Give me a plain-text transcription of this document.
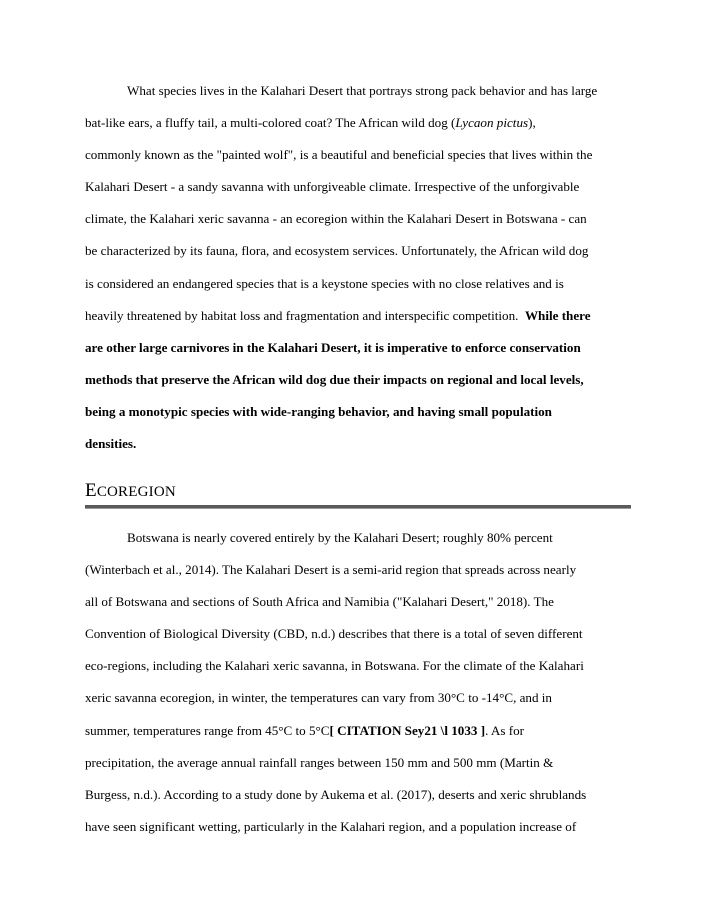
What species lives in the Kalahari Desert that portrays strong pack behavior and has large
bat-like ears, a fluffy tail, a multi-colored coat? The African wild dog (Lycaon pictus),
commonly known as the "painted wolf", is a beautiful and beneficial species that lives within the
Kalahari Desert - a sandy savanna with unforgiveable climate. Irrespective of the unforgivable
climate, the Kalahari xeric savanna - an ecoregion within the Kalahari Desert in Botswana - can
be characterized by its fauna, flora, and ecosystem services. Unfortunately, the African wild dog
is considered an endangered species that is a keystone species with no close relatives and is
heavily threatened by habitat loss and fragmentation and interspecific competition.  While there
are other large carnivores in the Kalahari Desert, it is imperative to enforce conservation
methods that preserve the African wild dog due their impacts on regional and local levels,
being a monotypic species with wide-ranging behavior, and having small population
densities.
ECOREGION
Botswana is nearly covered entirely by the Kalahari Desert; roughly 80% percent
(Winterbach et al., 2014). The Kalahari Desert is a semi-arid region that spreads across nearly
all of Botswana and sections of South Africa and Namibia ("Kalahari Desert," 2018). The
Convention of Biological Diversity (CBD, n.d.) describes that there is a total of seven different
eco-regions, including the Kalahari xeric savanna, in Botswana. For the climate of the Kalahari
xeric savanna ecoregion, in winter, the temperatures can vary from 30°C to -14°C, and in
summer, temperatures range from 45°C to 5°C[ CITATION Sey21 \l 1033 ]. As for
precipitation, the average annual rainfall ranges between 150 mm and 500 mm (Martin &
Burgess, n.d.). According to a study done by Aukema et al. (2017), deserts and xeric shrublands
have seen significant wetting, particularly in the Kalahari region, and a population increase of
